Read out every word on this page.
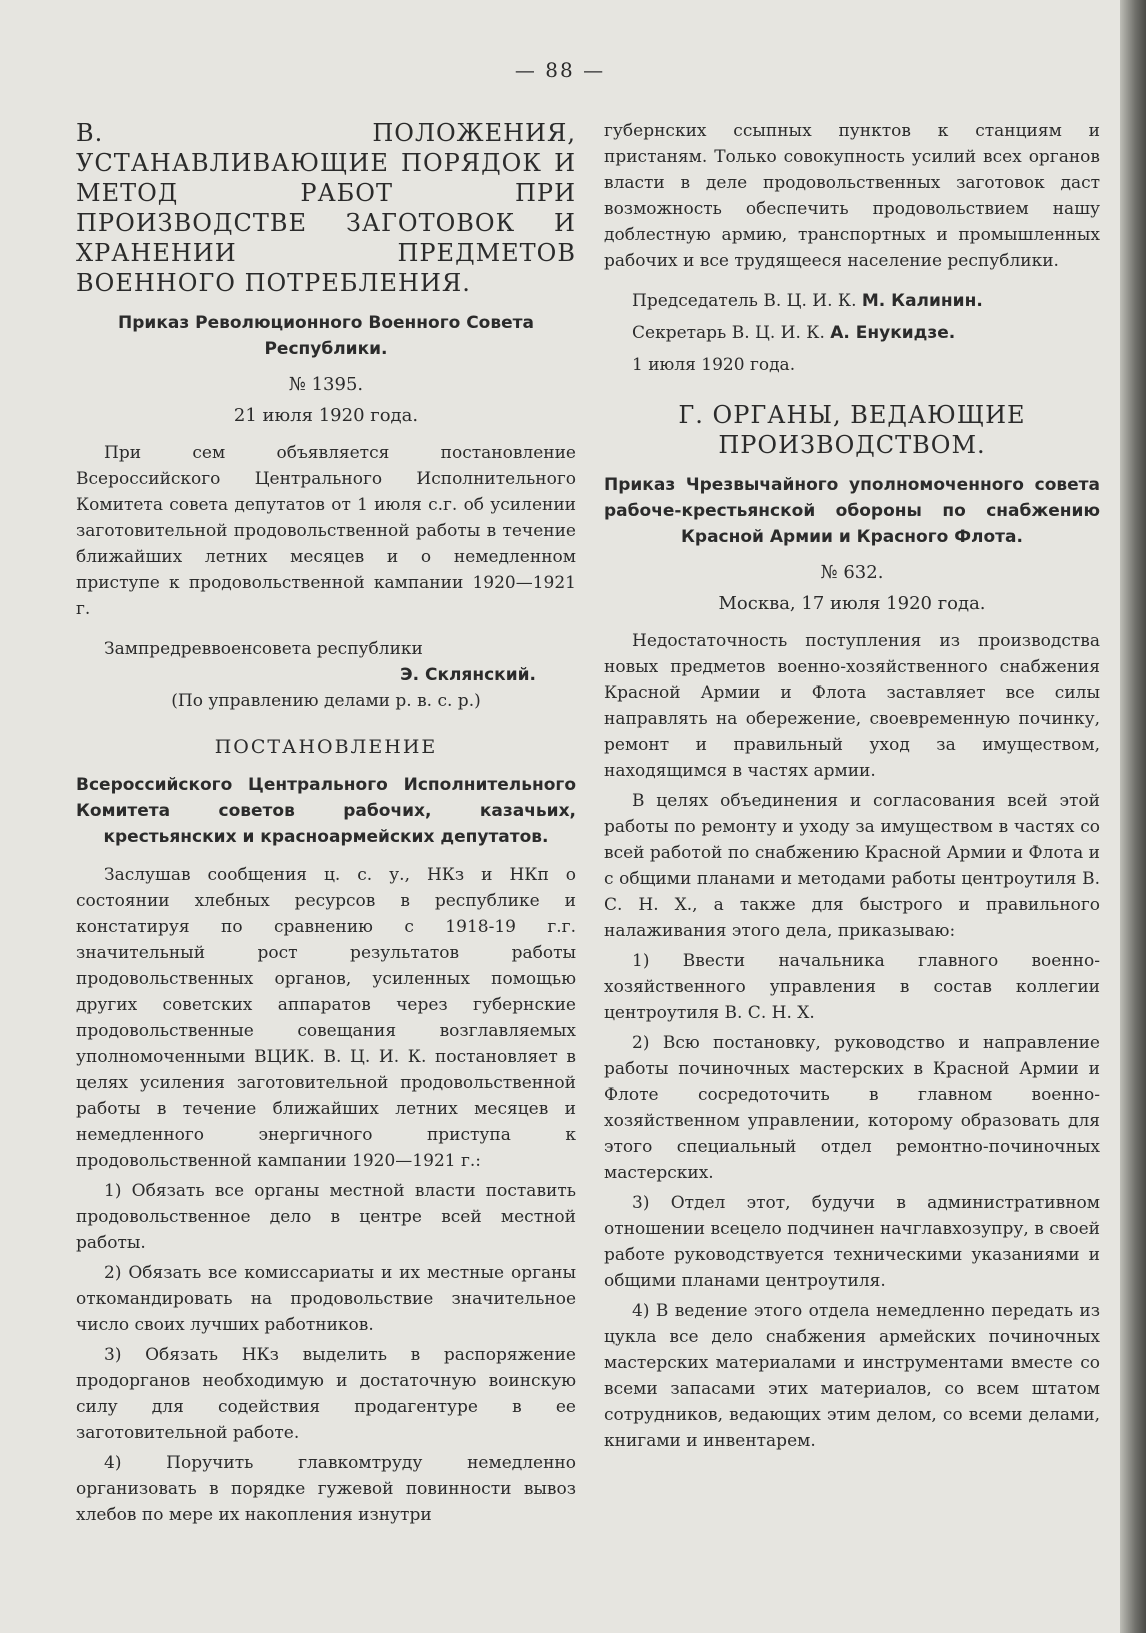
— 88 —
В. ПОЛОЖЕНИЯ, УСТАНАВЛИВАЮЩИЕ ПОРЯДОК И МЕТОД РАБОТ ПРИ ПРОИЗВОДСТВЕ ЗАГОТОВОК И ХРАНЕНИИ ПРЕДМЕТОВ ВОЕННОГО ПОТРЕБЛЕНИЯ.
Приказ Революционного Военного Совета Республики.
№ 1395.
21 июля 1920 года.

При сем объявляется постановление Всероссийского Центрального Исполнительного Комитета совета депутатов от 1 июля с.г. об усилении заготовительной продовольственной работы в течение ближайших летних месяцев и о немедленном приступе к продовольственной кампании 1920—1921 г.

Зампредреввоенсовета республики
Э. Склянский.
(По управлению делами р. в. с. р.)
ПОСТАНОВЛЕНИЕ
Всероссийского Центрального Исполнительного Комитета советов рабочих, казачьих, крестьянских и красноармейских депутатов.

Заслушав сообщения ц. с. у., НКз и НКп о состоянии хлебных ресурсов в республике и констатируя по сравнению с 1918-19 г.г. значительный рост результатов работы продовольственных органов, усиленных помощью других советских аппаратов через губернские продовольственные совещания возглавляемых уполномоченными ВЦИК. В. Ц. И. К. постановляет в целях усиления заготовительной продовольственной работы в течение ближайших летних месяцев и немедленного энергичного приступа к продовольственной кампании 1920—1921 г.:

1) Обязать все органы местной власти поставить продовольственное дело в центре всей местной работы.

2) Обязать все комиссариаты и их местные органы откомандировать на продовольствие значительное число своих лучших работников.

3) Обязать НКз выделить в распоряжение продорганов необходимую и достаточную воинскую силу для содействия продагентуре в ее заготовительной работе.

4) Поручить главкомтруду немедленно организовать в порядке гужевой повинности вывоз хлебов по мере их накопления изнутри

губернских ссыпных пунктов к станциям и пристаням. Только совокупность усилий всех органов власти в деле продовольственных заготовок даст возможность обеспечить продовольствием нашу доблестную армию, транспортных и промышленных рабочих и все трудящееся население республики.

Председатель В. Ц. И. К. М. Калинин.
Секретарь В. Ц. И. К. А. Енукидзе.
1 июля 1920 года.
Г. ОРГАНЫ, ВЕДАЮЩИЕ ПРОИЗВОДСТВОМ.
Приказ Чрезвычайного уполномоченного совета рабоче-крестьянской обороны по снабжению Красной Армии и Красного Флота.
№ 632.
Москва, 17 июля 1920 года.

Недостаточность поступления из производства новых предметов военно-хозяйственного снабжения Красной Армии и Флота заставляет все силы направлять на обережение, своевременную починку, ремонт и правильный уход за имуществом, находящимся в частях армии.

В целях объединения и согласования всей этой работы по ремонту и уходу за имуществом в частях со всей работой по снабжению Красной Армии и Флота и с общими планами и методами работы центроутиля В. С. Н. Х., а также для быстрого и правильного налаживания этого дела, приказываю:

1) Ввести начальника главного военно-хозяйственного управления в состав коллегии центроутиля В. С. Н. Х.

2) Всю постановку, руководство и направление работы починочных мастерских в Красной Армии и Флоте сосредоточить в главном военно-хозяйственном управлении, которому образовать для этого специальный отдел ремонтно-починочных мастерских.

3) Отдел этот, будучи в административном отношении всецело подчинен начглавхозупру, в своей работе руководствуется техническими указаниями и общими планами центроутиля.

4) В ведение этого отдела немедленно передать из цукла все дело снабжения армейских починочных мастерских материалами и инструментами вместе со всеми запасами этих материалов, со всем штатом сотрудников, ведающих этим делом, со всеми делами, книгами и инвентарем.
